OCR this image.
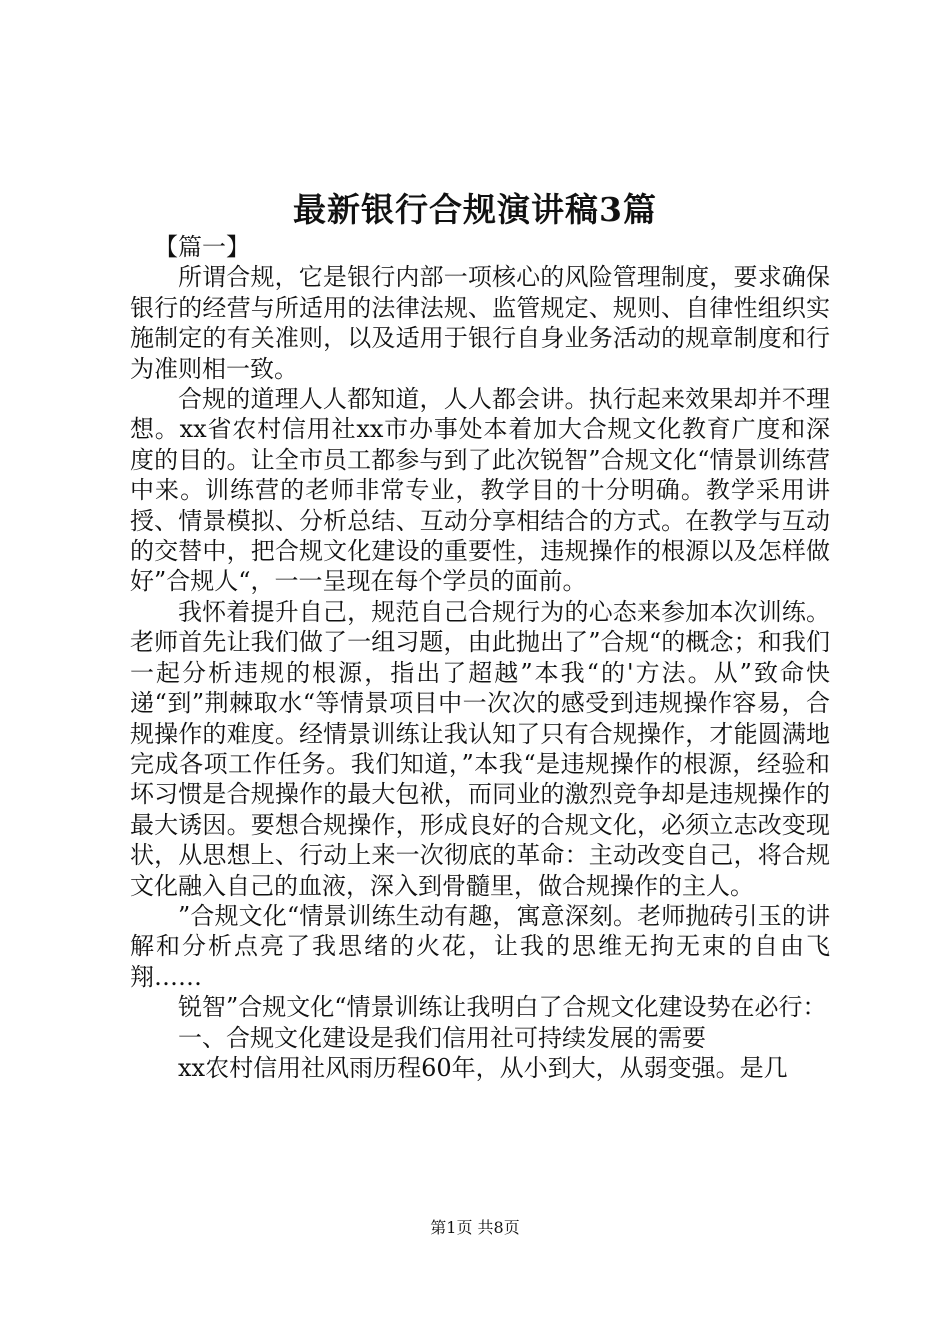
最新银行合规演讲稿3篇

【篇一】

所谓合规，它是银行内部一项核心的风险管理制度，要求确保银行的经营与所适用的法律法规、监管规定、规则、自律性组织实施制定的有关准则，以及适用于银行自身业务活动的规章制度和行为准则相一致。

合规的道理人人都知道，人人都会讲。执行起来效果却并不理想。xx省农村信用社xx市办事处本着加大合规文化教育广度和深度的目的。让全市员工都参与到了此次锐智”合规文化“情景训练营中来。训练营的老师非常专业，教学目的十分明确。教学采用讲授、情景模拟、分析总结、互动分享相结合的方式。在教学与互动的交替中，把合规文化建设的重要性，违规操作的根源以及怎样做好”合规人“，一一呈现在每个学员的面前。

我怀着提升自己，规范自己合规行为的心态来参加本次训练。老师首先让我们做了一组习题，由此抛出了”合规“的概念；和我们一起分析违规的根源，指出了超越”本我“的'方法。从”致命快递“到”荆棘取水“等情景项目中一次次的感受到违规操作容易，合规操作的难度。经情景训练让我认知了只有合规操作，才能圆满地完成各项工作任务。我们知道，”本我“是违规操作的根源，经验和坏习惯是合规操作的最大包袱，而同业的激烈竞争却是违规操作的最大诱因。要想合规操作，形成良好的合规文化，必须立志改变现状，从思想上、行动上来一次彻底的革命：主动改变自己，将合规文化融入自己的血液，深入到骨髓里，做合规操作的主人。

”合规文化“情景训练生动有趣，寓意深刻。老师抛砖引玉的讲解和分析点亮了我思绪的火花，让我的思维无拘无束的自由飞翔……

锐智”合规文化“情景训练让我明白了合规文化建设势在必行：

一、合规文化建设是我们信用社可持续发展的需要

xx农村信用社风雨历程60年，从小到大，从弱变强。是几

第1页 共8页
